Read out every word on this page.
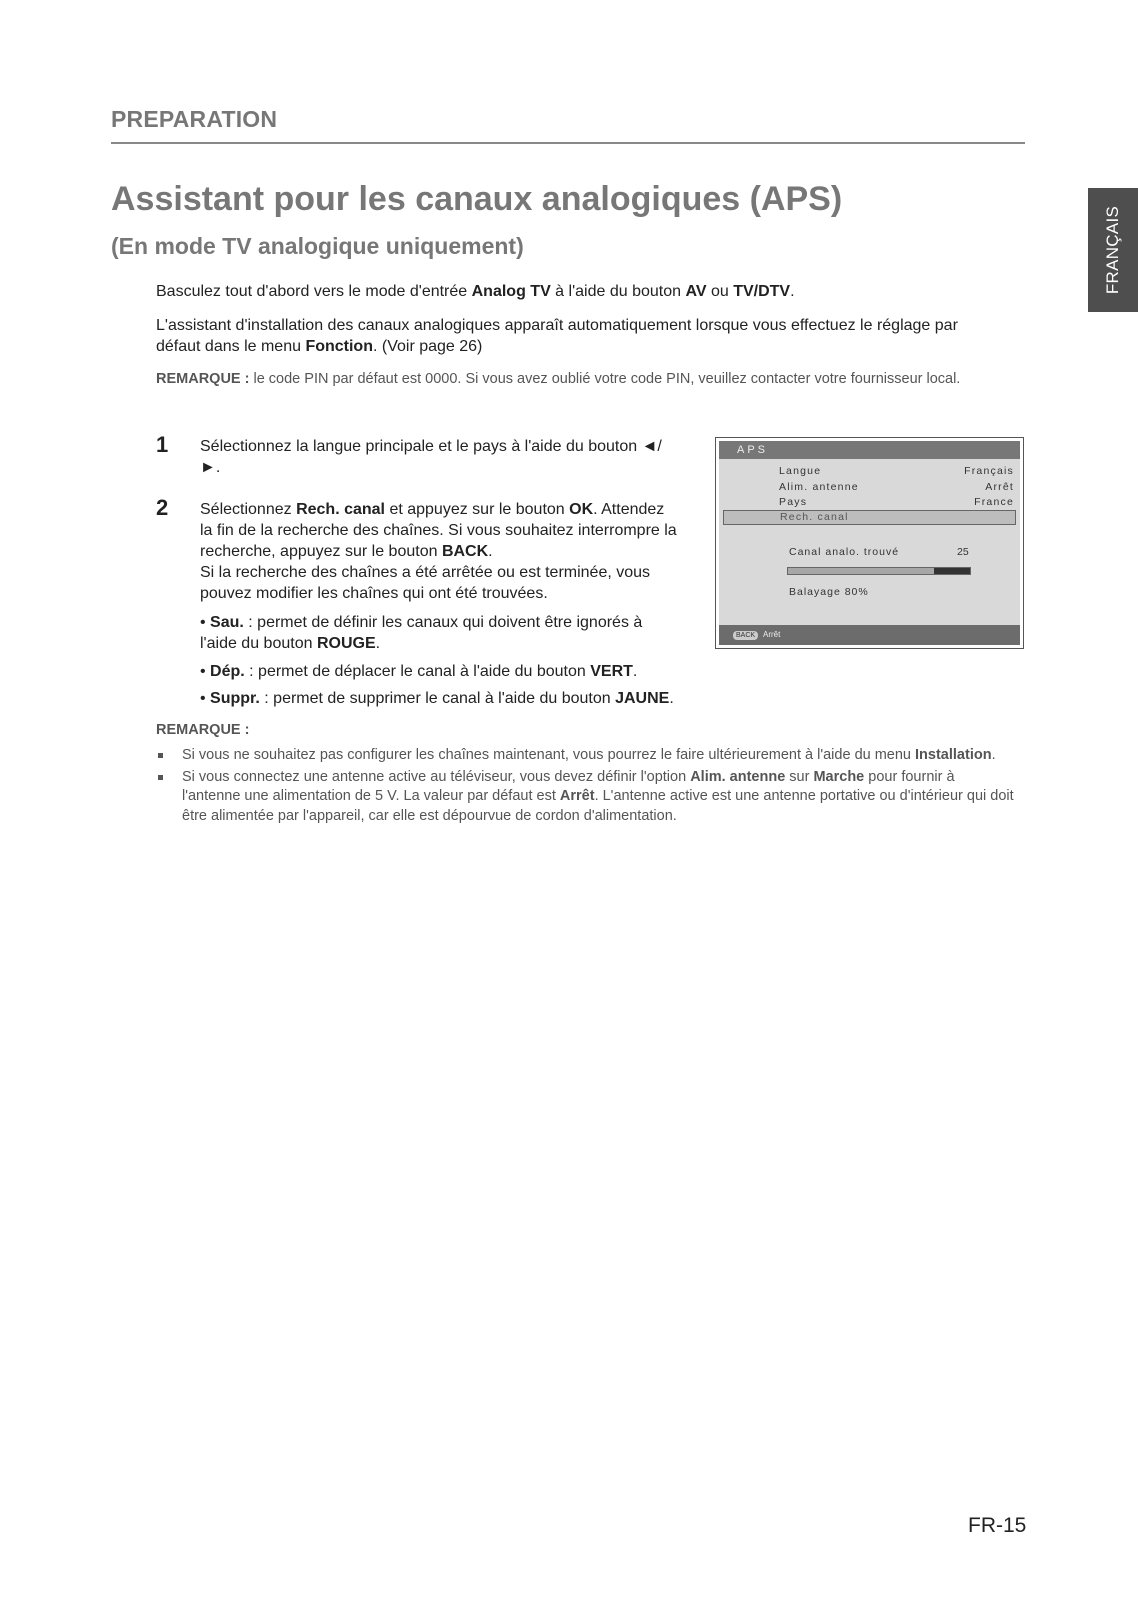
PREPARATION
FRANÇAIS
Assistant pour les canaux analogiques (APS)
(En mode TV analogique uniquement)
Basculez tout d'abord vers le mode d'entrée Analog TV à l'aide du bouton AV ou TV/DTV.
L'assistant d'installation des canaux analogiques apparaît automatiquement lorsque vous effectuez le réglage par défaut dans le menu Fonction. (Voir page 26)
REMARQUE : le code PIN par défaut est 0000. Si vous avez oublié votre code PIN, veuillez contacter votre fournisseur local.
1 Sélectionnez la langue principale et le pays à l'aide du bouton ◄/►.
2 Sélectionnez Rech. canal et appuyez sur le bouton OK. Attendez la fin de la recherche des chaînes. Si vous souhaitez interrompre la recherche, appuyez sur le bouton BACK.
Si la recherche des chaînes a été arrêtée ou est terminée, vous pouvez modifier les chaînes qui ont été trouvées.
• Sau. : permet de définir les canaux qui doivent être ignorés à l'aide du bouton ROUGE.
• Dép. : permet de déplacer le canal à l'aide du bouton VERT.
• Suppr. : permet de supprimer le canal à l'aide du bouton JAUNE.
APS
Langue	Français
Alim. antenne	Arrêt
Pays	France
Rech. canal
Canal analo. trouvé	25
Balayage 80%
BACK Arrêt
REMARQUE :
Si vous ne souhaitez pas configurer les chaînes maintenant, vous pourrez le faire ultérieurement à l'aide du menu Installation.
Si vous connectez une antenne active au téléviseur, vous devez définir l'option Alim. antenne sur Marche pour fournir à l'antenne une alimentation de 5 V. La valeur par défaut est Arrêt. L'antenne active est une antenne portative ou d'intérieur qui doit être alimentée par l'appareil, car elle est dépourvue de cordon d'alimentation.
FR-15
